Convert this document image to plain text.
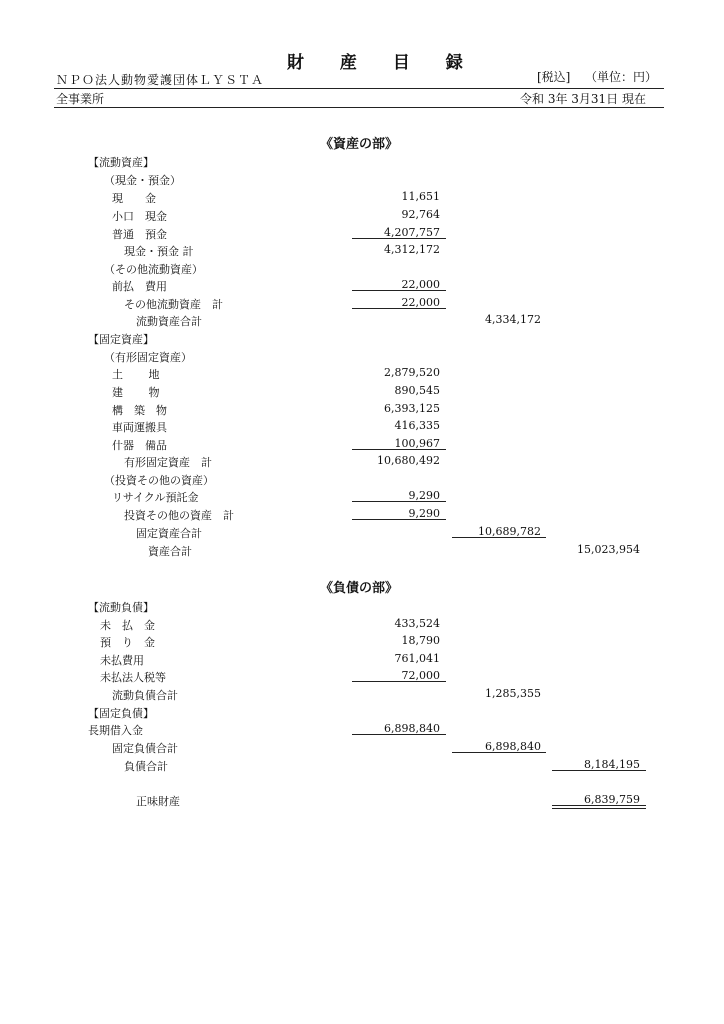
財 産 目 録
ＮＰＯ法人動物愛護団体ＬＹＳＴＡ	[税込] （単位：円）
全事業所	令和 3年 3月31日 現在
《資産の部》
【流動資産】
（現金・預金）
現　　金	11,651
小口　現金	92,764
普通　預金	4,207,757
現金・預金 計	4,312,172
（その他流動資産）
前払　費用	22,000
その他流動資産　計	22,000
流動資産合計	4,334,172
【固定資産】
（有形固定資産）
土　　 地	2,879,520
建　　 物	890,545
構　築　物	6,393,125
車両運搬具	416,335
什器　備品	100,967
有形固定資産　計	10,680,492
（投資その他の資産）
リサイクル預託金	9,290
投資その他の資産　計	9,290
固定資産合計	10,689,782
資産合計	15,023,954
《負債の部》
【流動負債】
未　払　金	433,524
預　り　金	18,790
未払費用	761,041
未払法人税等	72,000
流動負債合計	1,285,355
【固定負債】
長期借入金	6,898,840
固定負債合計	6,898,840
負債合計	8,184,195
正味財産	6,839,759
